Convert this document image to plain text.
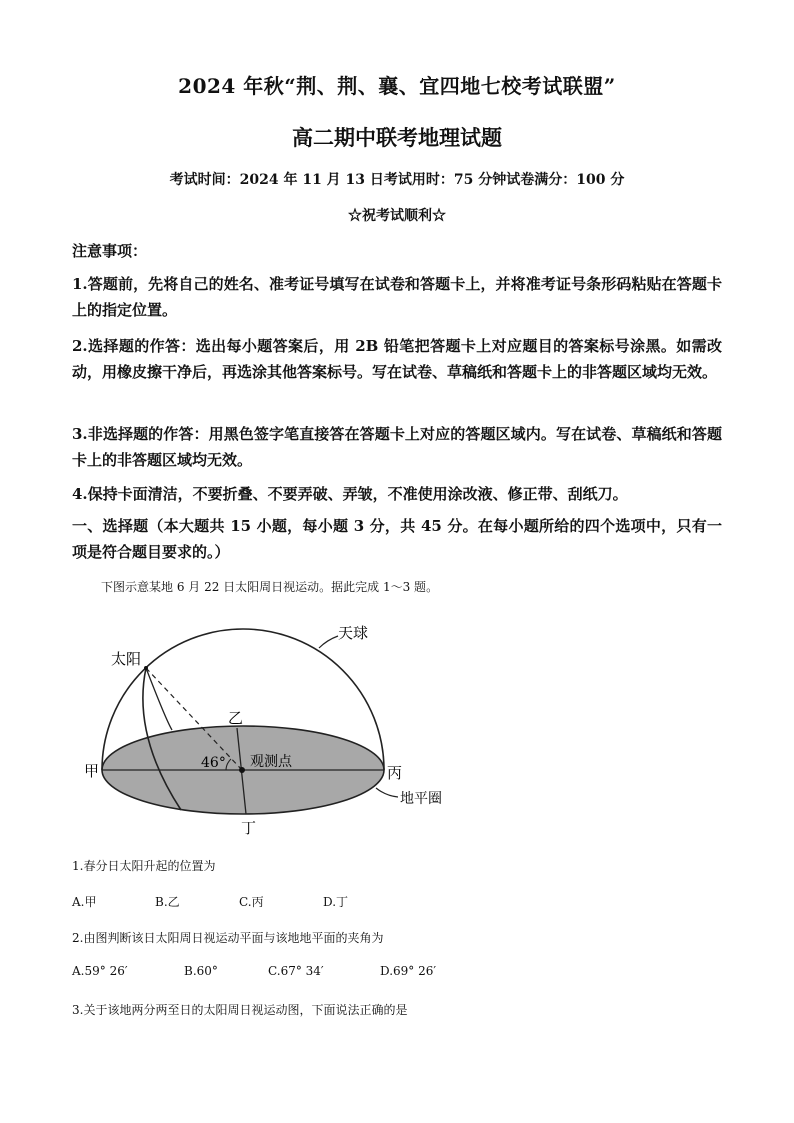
2024 年秋“荆、荆、襄、宜四地七校考试联盟”
高二期中联考地理试题
考试时间：2024 年 11 月 13 日考试用时：75 分钟试卷满分：100 分
☆祝考试顺利☆
注意事项：
1.答题前，先将自己的姓名、准考证号填写在试卷和答题卡上，并将准考证号条形码粘贴在答题卡上的指定位置。
2.选择题的作答：选出每小题答案后，用 2B 铅笔把答题卡上对应题目的答案标号涂黑。如需改动，用橡皮擦干净后，再选涂其他答案标号。写在试卷、草稿纸和答题卡上的非答题区域均无效。
3.非选择题的作答：用黑色签字笔直接答在答题卡上对应的答题区域内。写在试卷、草稿纸和答题卡上的非答题区域均无效。
4.保持卡面清洁，不要折叠、不要弄破、弄皱，不准使用涂改液、修正带、刮纸刀。
一、选择题（本大题共 15 小题，每小题 3 分，共 45 分。在每小题所给的四个选项中，只有一项是符合题目要求的。）
下图示意某地 6 月 22 日太阳周日视运动。据此完成 1～3 题。
天球
太阳
乙
甲	丙
丁
46° 观测点
地平圈
1.春分日太阳升起的位置为
A.甲	B.乙	C.丙	D.丁
2.由图判断该日太阳周日视运动平面与该地地平面的夹角为
A.59° 26′	B.60°	C.67° 34′	D.69° 26′
3.关于该地两分两至日的太阳周日视运动图，下面说法正确的是
